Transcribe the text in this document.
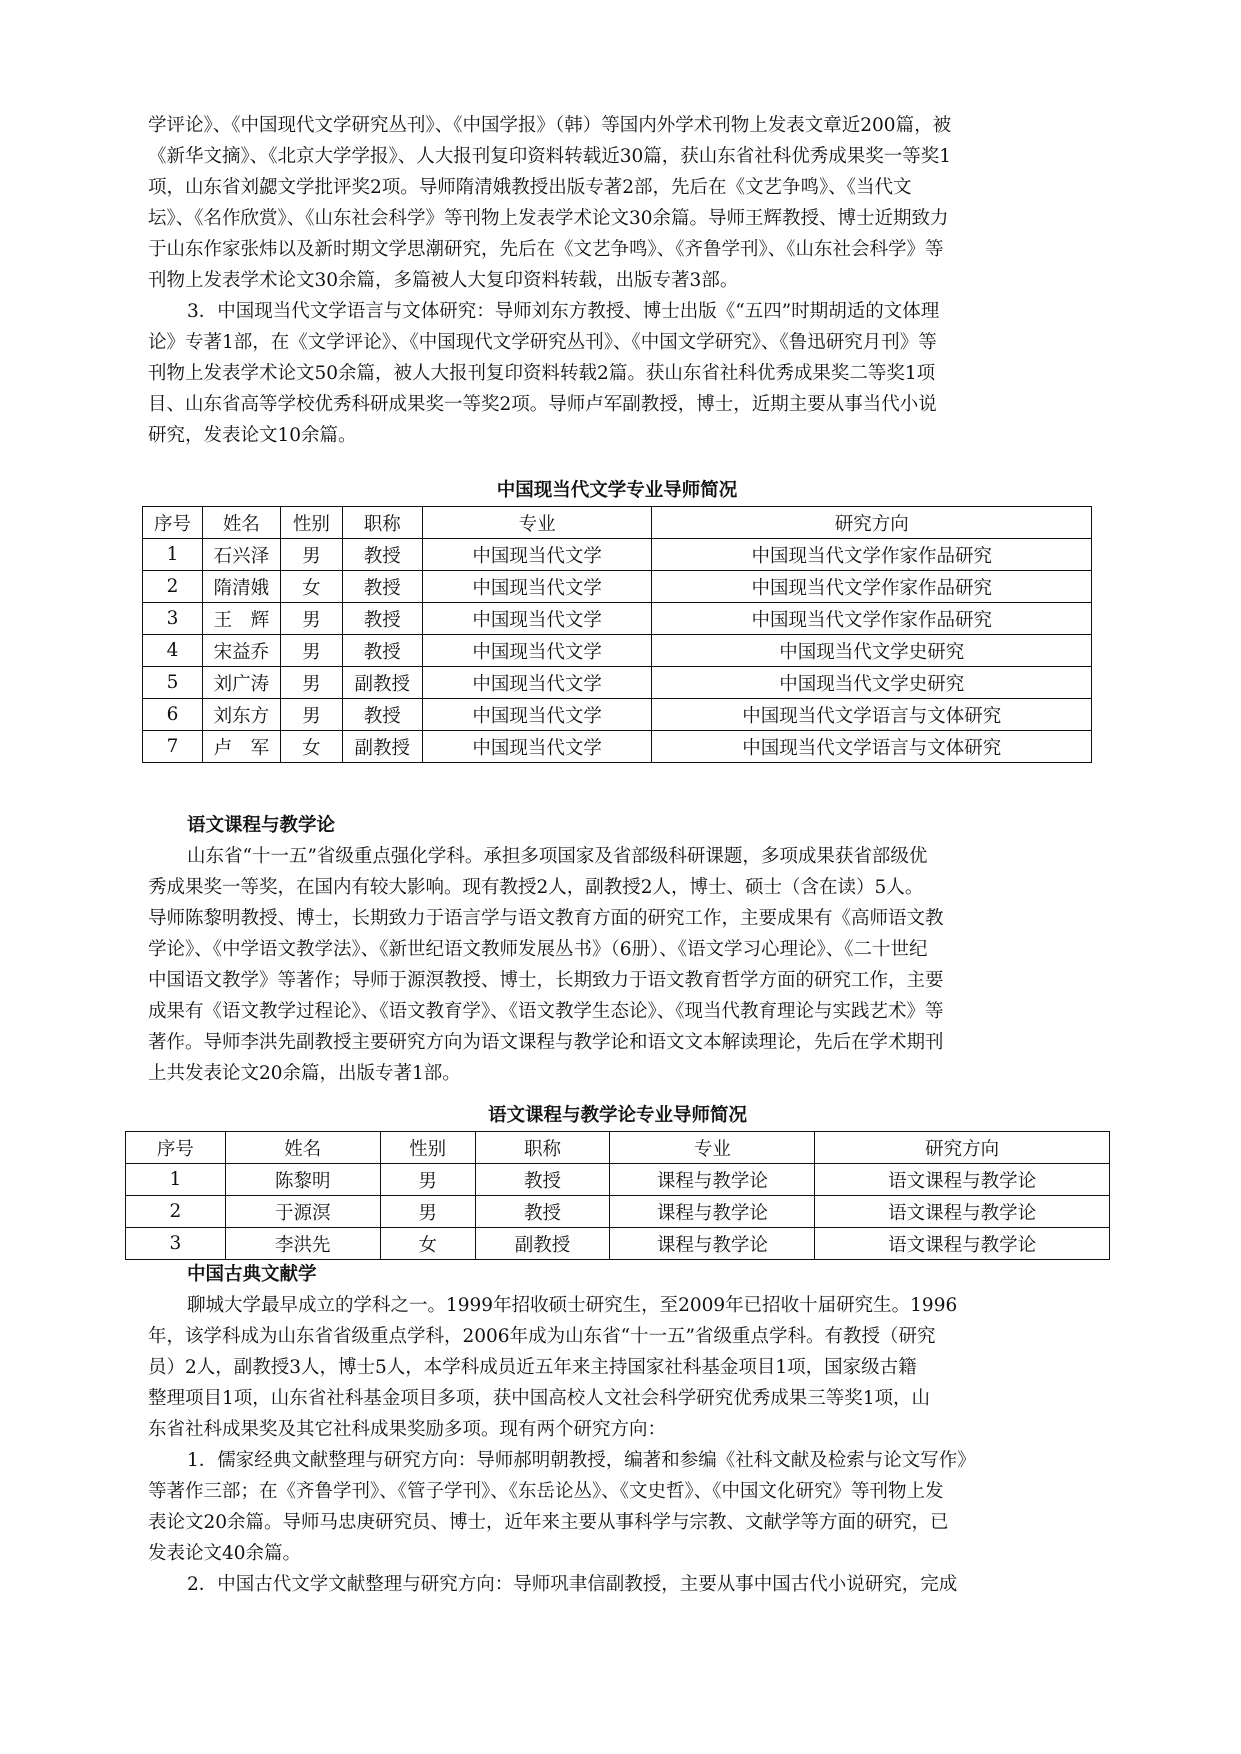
学评论》、《中国现代文学研究丛刊》、《中国学报》（韩）等国内外学术刊物上发表文章近200篇，被
《新华文摘》、《北京大学学报》、人大报刊复印资料转载近30篇，获山东省社科优秀成果奖一等奖1
项，山东省刘勰文学批评奖2项。导师隋清娥教授出版专著2部，先后在《文艺争鸣》、《当代文
坛》、《名作欣赏》、《山东社会科学》等刊物上发表学术论文30余篇。导师王辉教授、博士近期致力
于山东作家张炜以及新时期文学思潮研究，先后在《文艺争鸣》、《齐鲁学刊》、《山东社会科学》等
刊物上发表学术论文30余篇，多篇被人大复印资料转载，出版专著3部。
3．中国现当代文学语言与文体研究：导师刘东方教授、博士出版《“五四”时期胡适的文体理
论》专著1部，在《文学评论》、《中国现代文学研究丛刊》、《中国文学研究》、《鲁迅研究月刊》等
刊物上发表学术论文50余篇，被人大报刊复印资料转载2篇。获山东省社科优秀成果奖二等奖1项
目、山东省高等学校优秀科研成果奖一等奖2项。导师卢军副教授，博士，近期主要从事当代小说
研究，发表论文10余篇。
中国现当代文学专业导师简况
序号	姓名	性别	职称	专业	研究方向
1	石兴泽	男	教授	中国现当代文学	中国现当代文学作家作品研究
2	隋清娥	女	教授	中国现当代文学	中国现当代文学作家作品研究
3	王　辉	男	教授	中国现当代文学	中国现当代文学作家作品研究
4	宋益乔	男	教授	中国现当代文学	中国现当代文学史研究
5	刘广涛	男	副教授	中国现当代文学	中国现当代文学史研究
6	刘东方	男	教授	中国现当代文学	中国现当代文学语言与文体研究
7	卢　军	女	副教授	中国现当代文学	中国现当代文学语言与文体研究
语文课程与教学论
山东省“十一五”省级重点强化学科。承担多项国家及省部级科研课题，多项成果获省部级优
秀成果奖一等奖，在国内有较大影响。现有教授2人，副教授2人，博士、硕士（含在读）5人。
导师陈黎明教授、博士，长期致力于语言学与语文教育方面的研究工作，主要成果有《高师语文教
学论》、《中学语文教学法》、《新世纪语文教师发展丛书》（6册）、《语文学习心理论》、《二十世纪
中国语文教学》等著作；导师于源溟教授、博士，长期致力于语文教育哲学方面的研究工作，主要
成果有《语文教学过程论》、《语文教育学》、《语文教学生态论》、《现当代教育理论与实践艺术》等
著作。导师李洪先副教授主要研究方向为语文课程与教学论和语文文本解读理论，先后在学术期刊
上共发表论文20余篇，出版专著1部。
语文课程与教学论专业导师简况
序号	姓名	性别	职称	专业	研究方向
1	陈黎明	男	教授	课程与教学论	语文课程与教学论
2	于源溟	男	教授	课程与教学论	语文课程与教学论
3	李洪先	女	副教授	课程与教学论	语文课程与教学论
中国古典文献学
聊城大学最早成立的学科之一。1999年招收硕士研究生，至2009年已招收十届研究生。1996
年，该学科成为山东省省级重点学科，2006年成为山东省“十一五”省级重点学科。有教授（研究
员）2人，副教授3人，博士5人，本学科成员近五年来主持国家社科基金项目1项，国家级古籍
整理项目1项，山东省社科基金项目多项，获中国高校人文社会科学研究优秀成果三等奖1项，山
东省社科成果奖及其它社科成果奖励多项。现有两个研究方向：
1．儒家经典文献整理与研究方向：导师郝明朝教授，编著和参编《社科文献及检索与论文写作》
等著作三部；在《齐鲁学刊》、《管子学刊》、《东岳论丛》、《文史哲》、《中国文化研究》等刊物上发
表论文20余篇。导师马忠庚研究员、博士，近年来主要从事科学与宗教、文献学等方面的研究，已
发表论文40余篇。
2．中国古代文学文献整理与研究方向：导师巩聿信副教授，主要从事中国古代小说研究，完成
